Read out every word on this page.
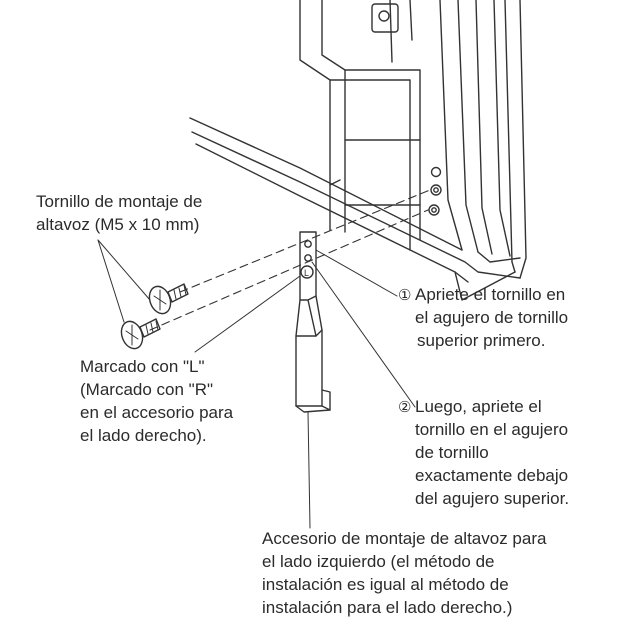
L
Tornillo de montaje de
altavoz (M5 x 10 mm)
① Apriete el tornillo en
el agujero de tornillo
superior primero.
Marcado con "L"
(Marcado con "R"
en el accesorio para
el lado derecho).
② Luego, apriete el
tornillo en el agujero
de tornillo
exactamente debajo
del agujero superior.
Accesorio de montaje de altavoz para
el lado izquierdo (el método de
instalación es igual al método de
instalación para el lado derecho.)
